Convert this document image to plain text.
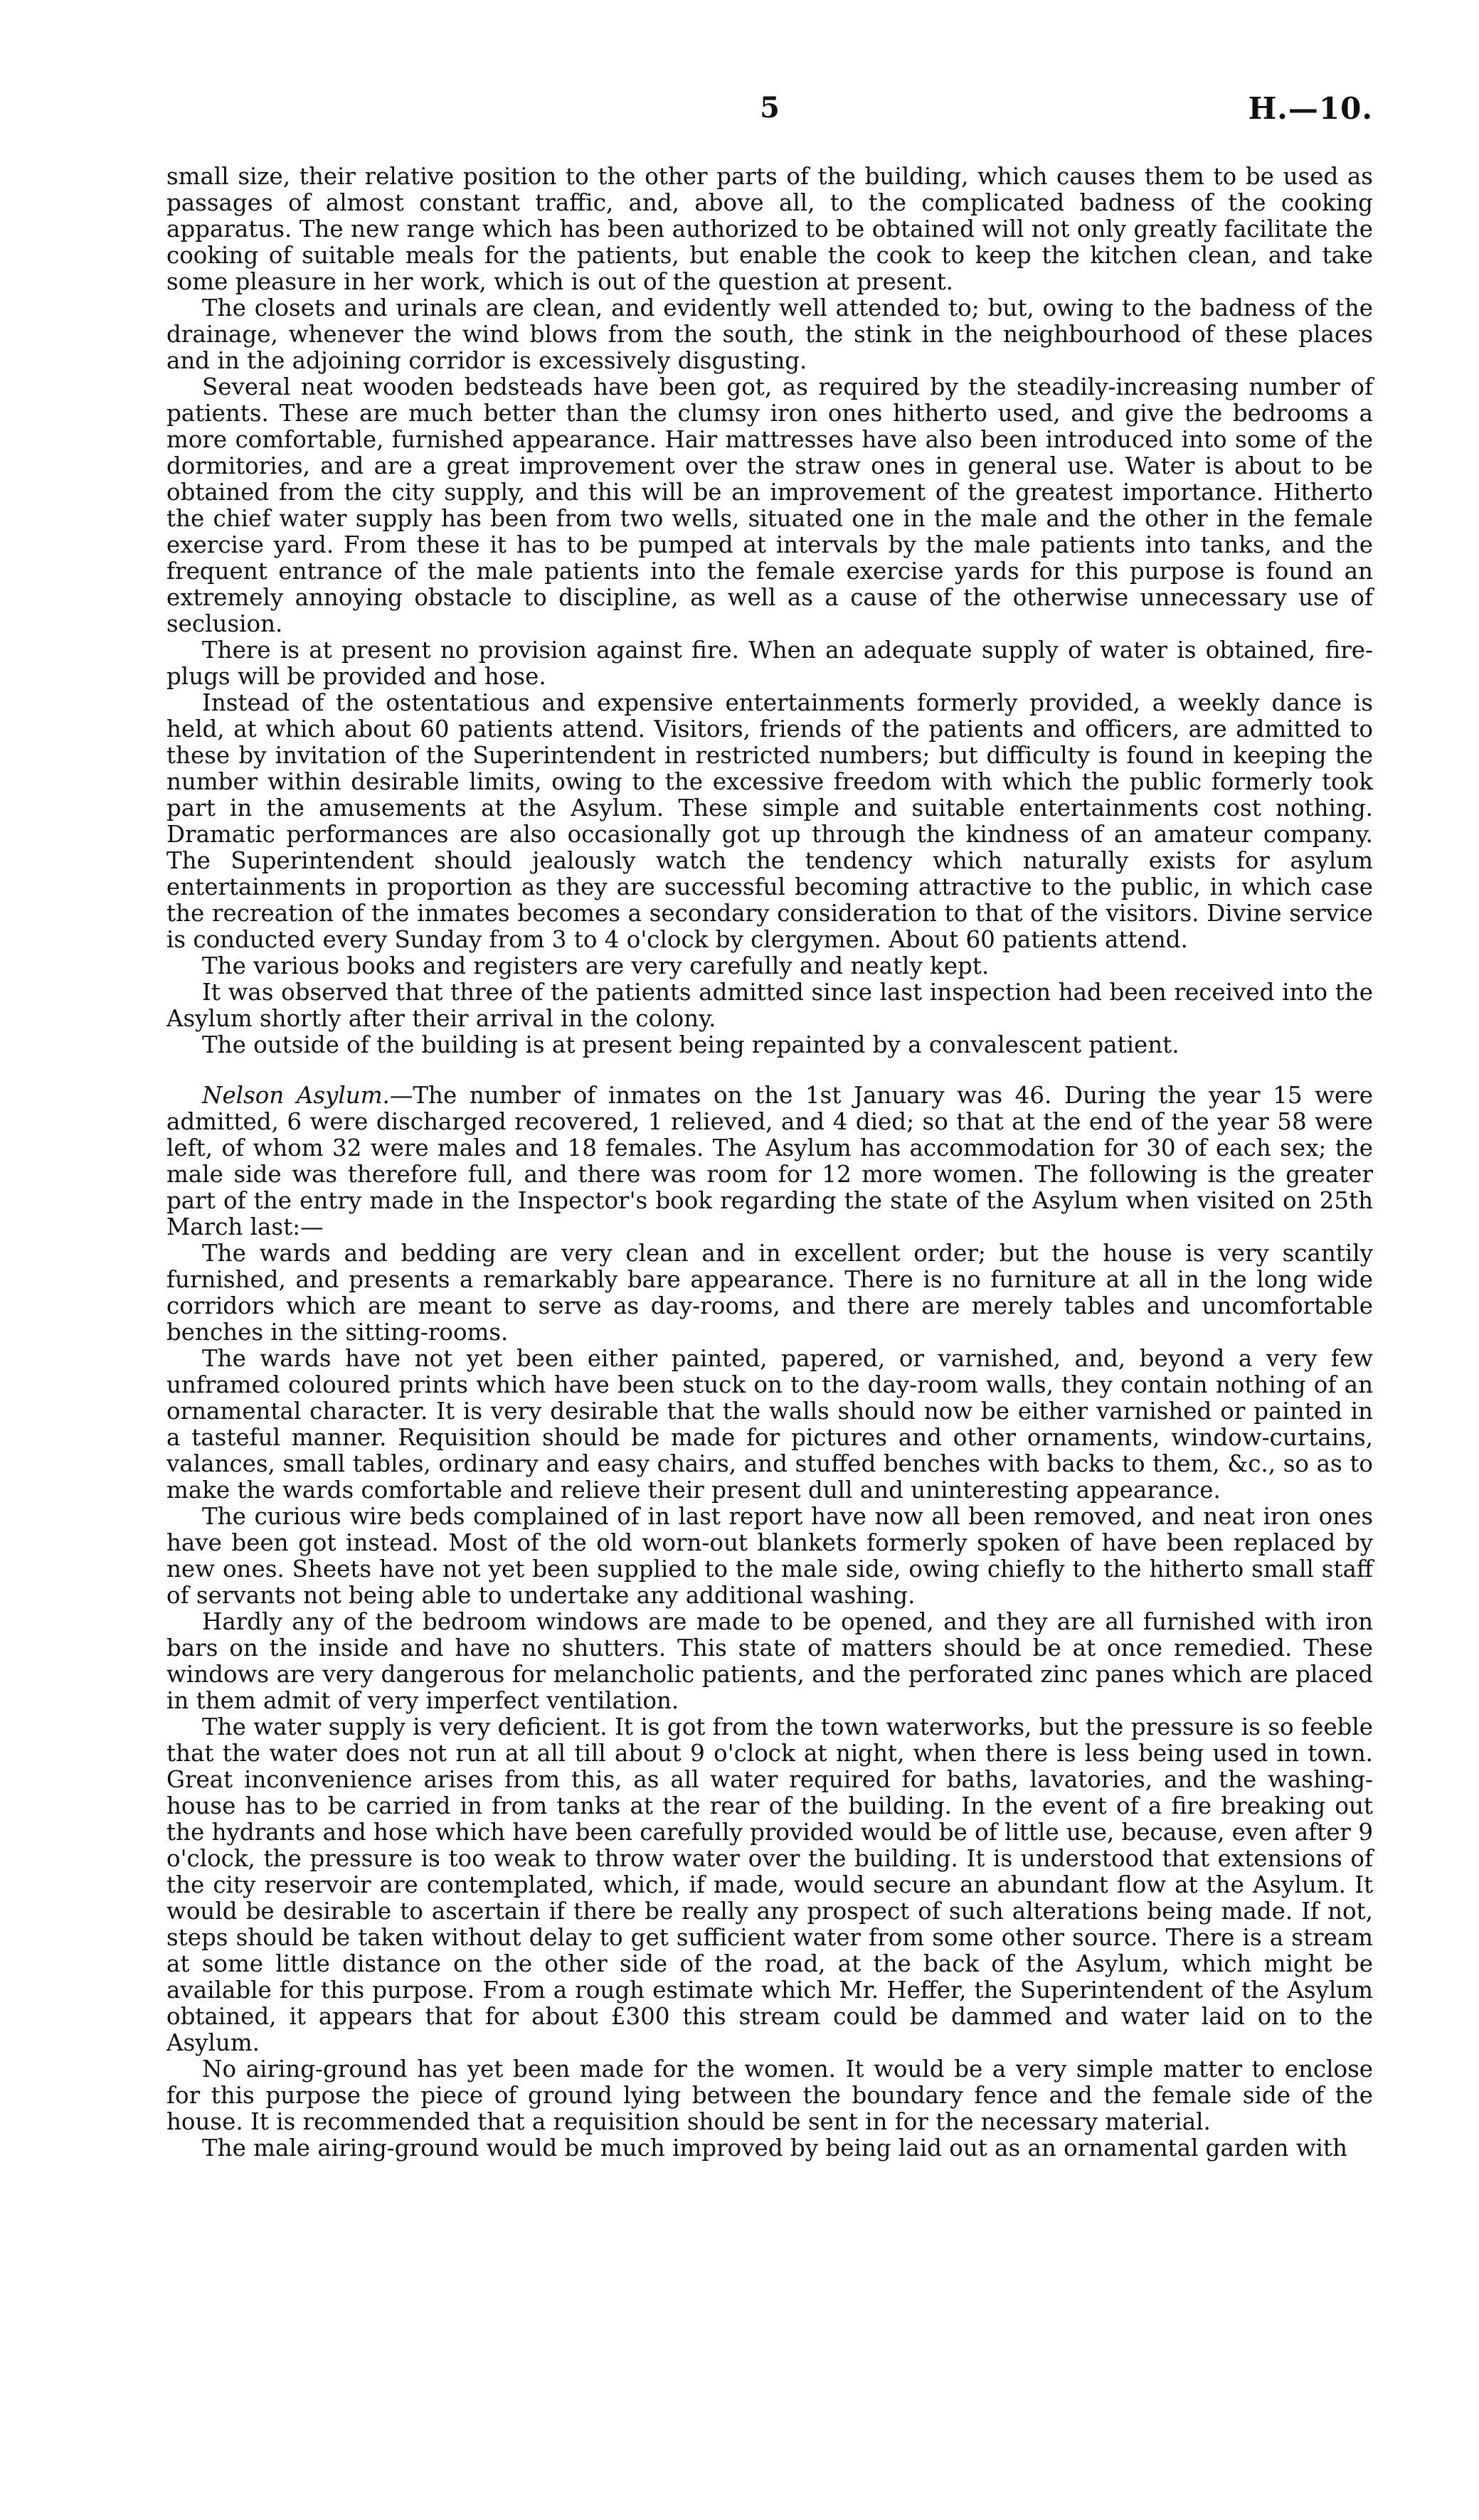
5	H.—10.

small size, their relative position to the other parts of the building, which causes them to be used as passages of almost constant traffic, and, above all, to the complicated badness of the cooking apparatus. The new range which has been authorized to be obtained will not only greatly facilitate the cooking of suitable meals for the patients, but enable the cook to keep the kitchen clean, and take some pleasure in her work, which is out of the question at present.

The closets and urinals are clean, and evidently well attended to; but, owing to the badness of the drainage, whenever the wind blows from the south, the stink in the neighbourhood of these places and in the adjoining corridor is excessively disgusting.

Several neat wooden bedsteads have been got, as required by the steadily-increasing number of patients. These are much better than the clumsy iron ones hitherto used, and give the bedrooms a more comfortable, furnished appearance. Hair mattresses have also been introduced into some of the dormitories, and are a great improvement over the straw ones in general use. Water is about to be obtained from the city supply, and this will be an improvement of the greatest importance. Hitherto the chief water supply has been from two wells, situated one in the male and the other in the female exercise yard. From these it has to be pumped at intervals by the male patients into tanks, and the frequent entrance of the male patients into the female exercise yards for this purpose is found an extremely annoying obstacle to discipline, as well as a cause of the otherwise unnecessary use of seclusion.

There is at present no provision against fire. When an adequate supply of water is obtained, fire-plugs will be provided and hose.

Instead of the ostentatious and expensive entertainments formerly provided, a weekly dance is held, at which about 60 patients attend. Visitors, friends of the patients and officers, are admitted to these by invitation of the Superintendent in restricted numbers; but difficulty is found in keeping the number within desirable limits, owing to the excessive freedom with which the public formerly took part in the amusements at the Asylum. These simple and suitable entertainments cost nothing. Dramatic performances are also occasionally got up through the kindness of an amateur company. The Superintendent should jealously watch the tendency which naturally exists for asylum entertainments in proportion as they are successful becoming attractive to the public, in which case the recreation of the inmates becomes a secondary consideration to that of the visitors. Divine service is conducted every Sunday from 3 to 4 o'clock by clergymen. About 60 patients attend.

The various books and registers are very carefully and neatly kept.

It was observed that three of the patients admitted since last inspection had been received into the Asylum shortly after their arrival in the colony.

The outside of the building is at present being repainted by a convalescent patient.

Nelson Asylum.—The number of inmates on the 1st January was 46. During the year 15 were admitted, 6 were discharged recovered, 1 relieved, and 4 died; so that at the end of the year 58 were left, of whom 32 were males and 18 females. The Asylum has accommodation for 30 of each sex; the male side was therefore full, and there was room for 12 more women. The following is the greater part of the entry made in the Inspector's book regarding the state of the Asylum when visited on 25th March last:—

The wards and bedding are very clean and in excellent order; but the house is very scantily furnished, and presents a remarkably bare appearance. There is no furniture at all in the long wide corridors which are meant to serve as day-rooms, and there are merely tables and uncomfortable benches in the sitting-rooms.

The wards have not yet been either painted, papered, or varnished, and, beyond a very few unframed coloured prints which have been stuck on to the day-room walls, they contain nothing of an ornamental character. It is very desirable that the walls should now be either varnished or painted in a tasteful manner. Requisition should be made for pictures and other ornaments, window-curtains, valances, small tables, ordinary and easy chairs, and stuffed benches with backs to them, &c., so as to make the wards comfortable and relieve their present dull and uninteresting appearance.

The curious wire beds complained of in last report have now all been removed, and neat iron ones have been got instead. Most of the old worn-out blankets formerly spoken of have been replaced by new ones. Sheets have not yet been supplied to the male side, owing chiefly to the hitherto small staff of servants not being able to undertake any additional washing.

Hardly any of the bedroom windows are made to be opened, and they are all furnished with iron bars on the inside and have no shutters. This state of matters should be at once remedied. These windows are very dangerous for melancholic patients, and the perforated zinc panes which are placed in them admit of very imperfect ventilation.

The water supply is very deficient. It is got from the town waterworks, but the pressure is so feeble that the water does not run at all till about 9 o'clock at night, when there is less being used in town. Great inconvenience arises from this, as all water required for baths, lavatories, and the washing-house has to be carried in from tanks at the rear of the building. In the event of a fire breaking out the hydrants and hose which have been carefully provided would be of little use, because, even after 9 o'clock, the pressure is too weak to throw water over the building. It is understood that extensions of the city reservoir are contemplated, which, if made, would secure an abundant flow at the Asylum. It would be desirable to ascertain if there be really any prospect of such alterations being made. If not, steps should be taken without delay to get sufficient water from some other source. There is a stream at some little distance on the other side of the road, at the back of the Asylum, which might be available for this purpose. From a rough estimate which Mr. Heffer, the Superintendent of the Asylum obtained, it appears that for about £300 this stream could be dammed and water laid on to the Asylum.

No airing-ground has yet been made for the women. It would be a very simple matter to enclose for this purpose the piece of ground lying between the boundary fence and the female side of the house. It is recommended that a requisition should be sent in for the necessary material.

The male airing-ground would be much improved by being laid out as an ornamental garden with
